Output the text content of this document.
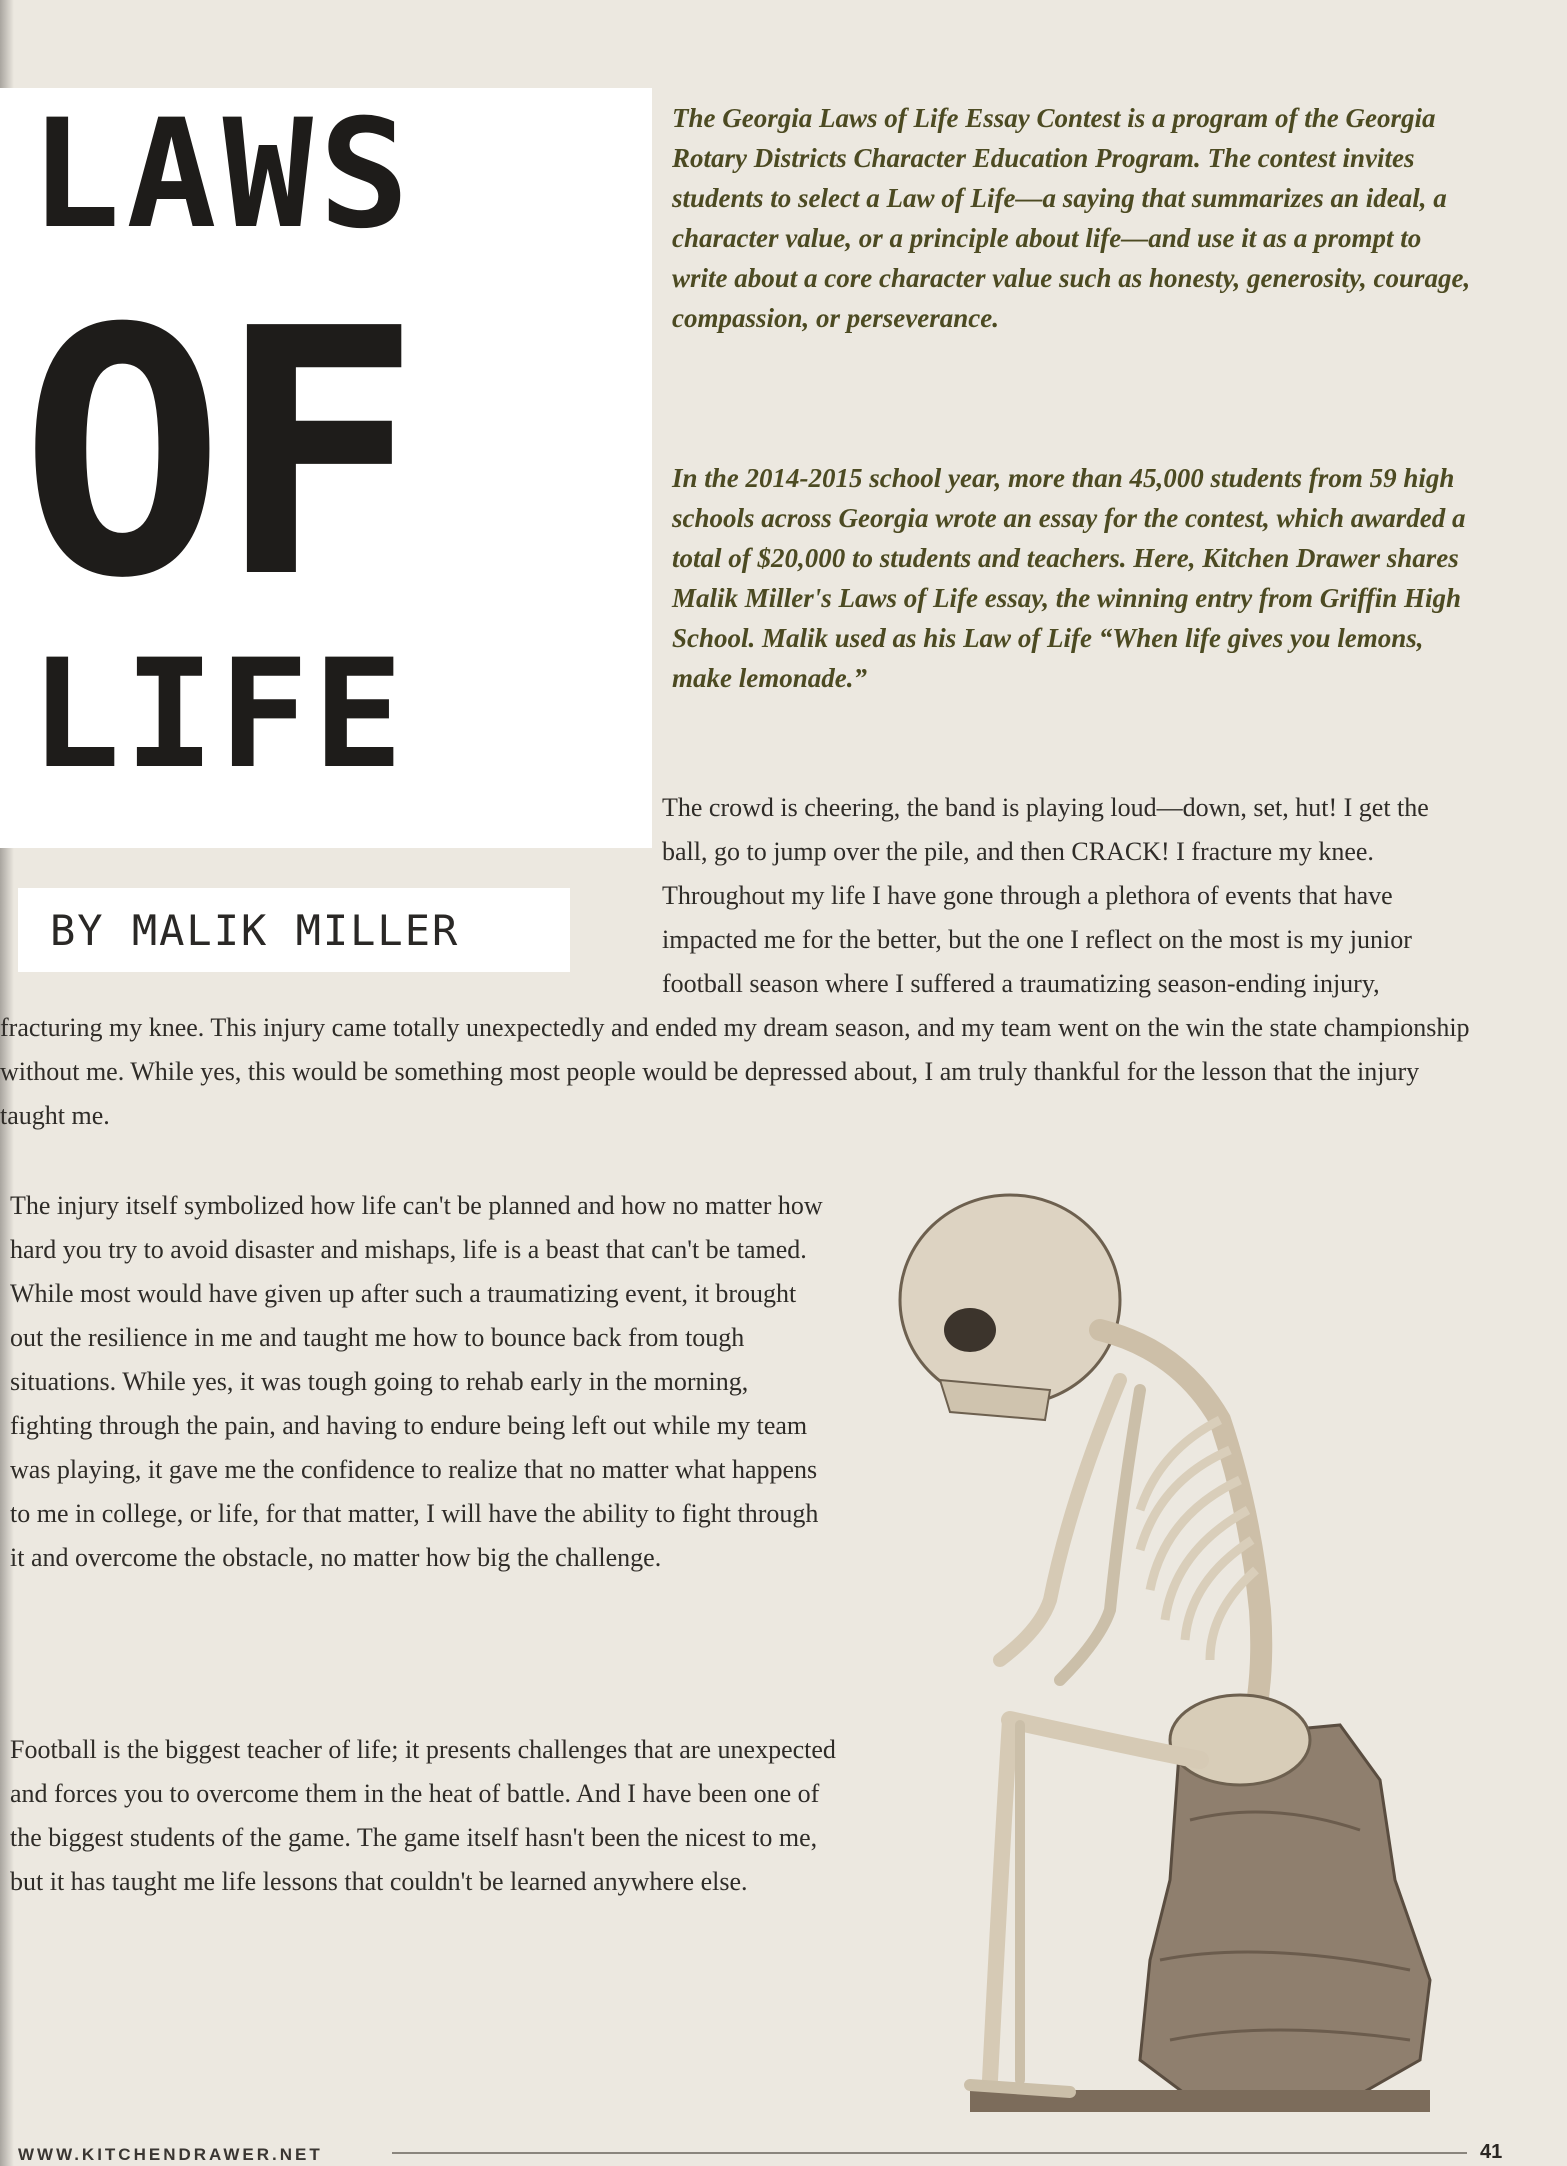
LAWS
OF
LIFE
BY MALIK MILLER

The Georgia Laws of Life Essay Contest is a program of the Georgia Rotary Districts Character Education Program. The contest invites students to select a Law of Life—a saying that summarizes an ideal, a character value, or a principle about life—and use it as a prompt to write about a core character value such as honesty, generosity, courage, compassion, or perseverance.

In the 2014-2015 school year, more than 45,000 students from 59 high schools across Georgia wrote an essay for the contest, which awarded a total of $20,000 to students and teachers. Here, Kitchen Drawer shares Malik Miller's Laws of Life essay, the winning entry from Griffin High School. Malik used as his Law of Life “When life gives you lemons, make lemonade.”

The crowd is cheering, the band is playing loud—down, set, hut! I get the ball, go to jump over the pile, and then CRACK! I fracture my knee. Throughout my life I have gone through a plethora of events that have impacted me for the better, but the one I reflect on the most is my junior football season where I suffered a traumatizing season-ending injury, fracturing my knee. This injury came totally unexpectedly and ended my dream season, and my team went on the win the state championship without me. While yes, this would be something most people would be depressed about, I am truly thankful for the lesson that the injury taught me.

The injury itself symbolized how life can't be planned and how no matter how hard you try to avoid disaster and mishaps, life is a beast that can't be tamed. While most would have given up after such a traumatizing event, it brought out the resilience in me and taught me how to bounce back from tough situations. While yes, it was tough going to rehab early in the morning, fighting through the pain, and having to endure being left out while my team was playing, it gave me the confidence to realize that no matter what happens to me in college, or life, for that matter, I will have the ability to fight through it and overcome the obstacle, no matter how big the challenge.

Football is the biggest teacher of life; it presents challenges that are unexpected and forces you to overcome them in the heat of battle. And I have been one of the biggest students of the game. The game itself hasn't been the nicest to me, but it has taught me life lessons that couldn't be learned anywhere else.

WWW.KITCHENDRAWER.NET	41
